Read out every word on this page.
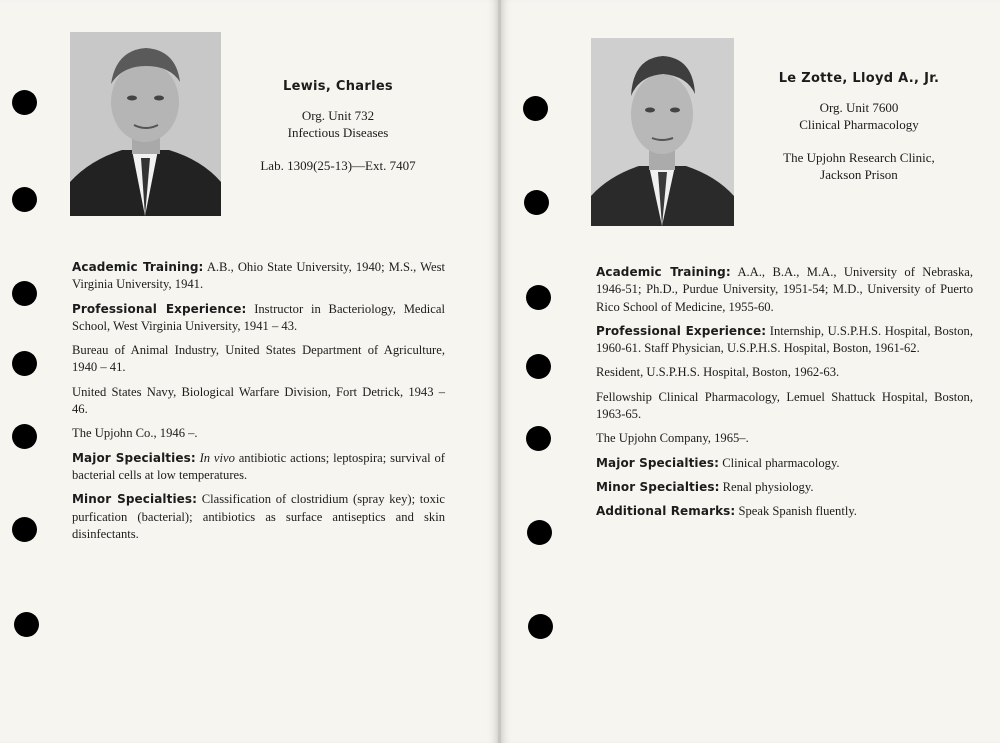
Lewis, Charles
Org. Unit 732
Infectious Diseases
Lab. 1309(25-13)—Ext. 7407

Academic Training: A.B., Ohio State University, 1940; M.S., West Virginia University, 1941.

Professional Experience: Instructor in Bacteriology, Medical School, West Virginia University, 1941 – 43.

Bureau of Animal Industry, United States Department of Agriculture, 1940 – 41.

United States Navy, Biological Warfare Division, Fort Detrick, 1943 – 46.

The Upjohn Co., 1946 –.

Major Specialties: In vivo antibiotic actions; leptospira; survival of bacterial cells at low temperatures.

Minor Specialties: Classification of clostridium (spray key); toxic purfication (bacterial); antibiotics as surface antiseptics and skin disinfectants.

Le Zotte, Lloyd A., Jr.
Org. Unit 7600
Clinical Pharmacology
The Upjohn Research Clinic,
Jackson Prison

Academic Training: A.A., B.A., M.A., University of Nebraska, 1946-51; Ph.D., Purdue University, 1951-54; M.D., University of Puerto Rico School of Medicine, 1955-60.

Professional Experience: Internship, U.S.P.H.S. Hospital, Boston, 1960-61. Staff Physician, U.S.P.H.S. Hospital, Boston, 1961-62.

Resident, U.S.P.H.S. Hospital, Boston, 1962-63.

Fellowship Clinical Pharmacology, Lemuel Shattuck Hospital, Boston, 1963-65.

The Upjohn Company, 1965–.

Major Specialties: Clinical pharmacology.

Minor Specialties: Renal physiology.

Additional Remarks: Speak Spanish fluently.
